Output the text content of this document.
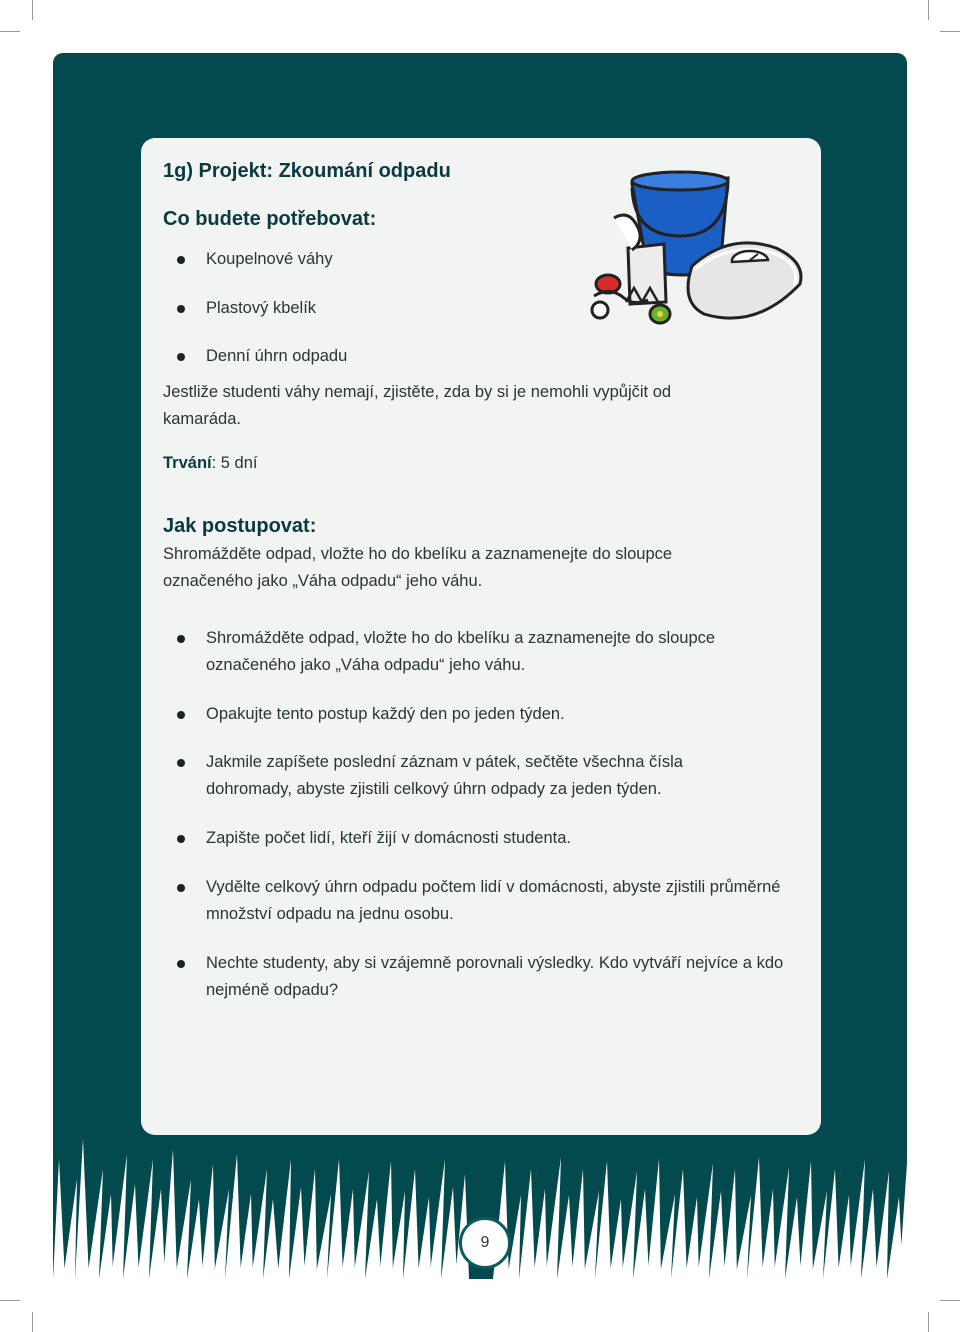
1g) Projekt: Zkoumání odpadu
Co budete potřebovat:
Koupelnové váhy
Plastový kbelík
Denní úhrn odpadu
Jestliže studenti váhy nemají, zjistěte, zda by si je nemohli vypůjčit od kamaráda.
Trvání: 5 dní
Jak postupovat:
Shromážděte odpad, vložte ho do kbelíku a zaznamenejte do sloupce označeného jako „Váha odpadu“ jeho váhu.
Shromážděte odpad, vložte ho do kbelíku a zaznamenejte do sloupce označeného jako „Váha odpadu“ jeho váhu.
Opakujte tento postup každý den po jeden týden.
Jakmile zapíšete poslední záznam v pátek, sečtěte všechna čísla dohromady, abyste zjistili celkový úhrn odpady za jeden týden.
Zapište počet lidí, kteří žijí v domácnosti studenta.
Vydělte celkový úhrn odpadu počtem lidí v domácnosti, abyste zjistili průměrné množství odpadu na jednu osobu.
Nechte studenty, aby si vzájemně porovnali výsledky. Kdo vytváří nejvíce a kdo nejméně odpadu?
9
